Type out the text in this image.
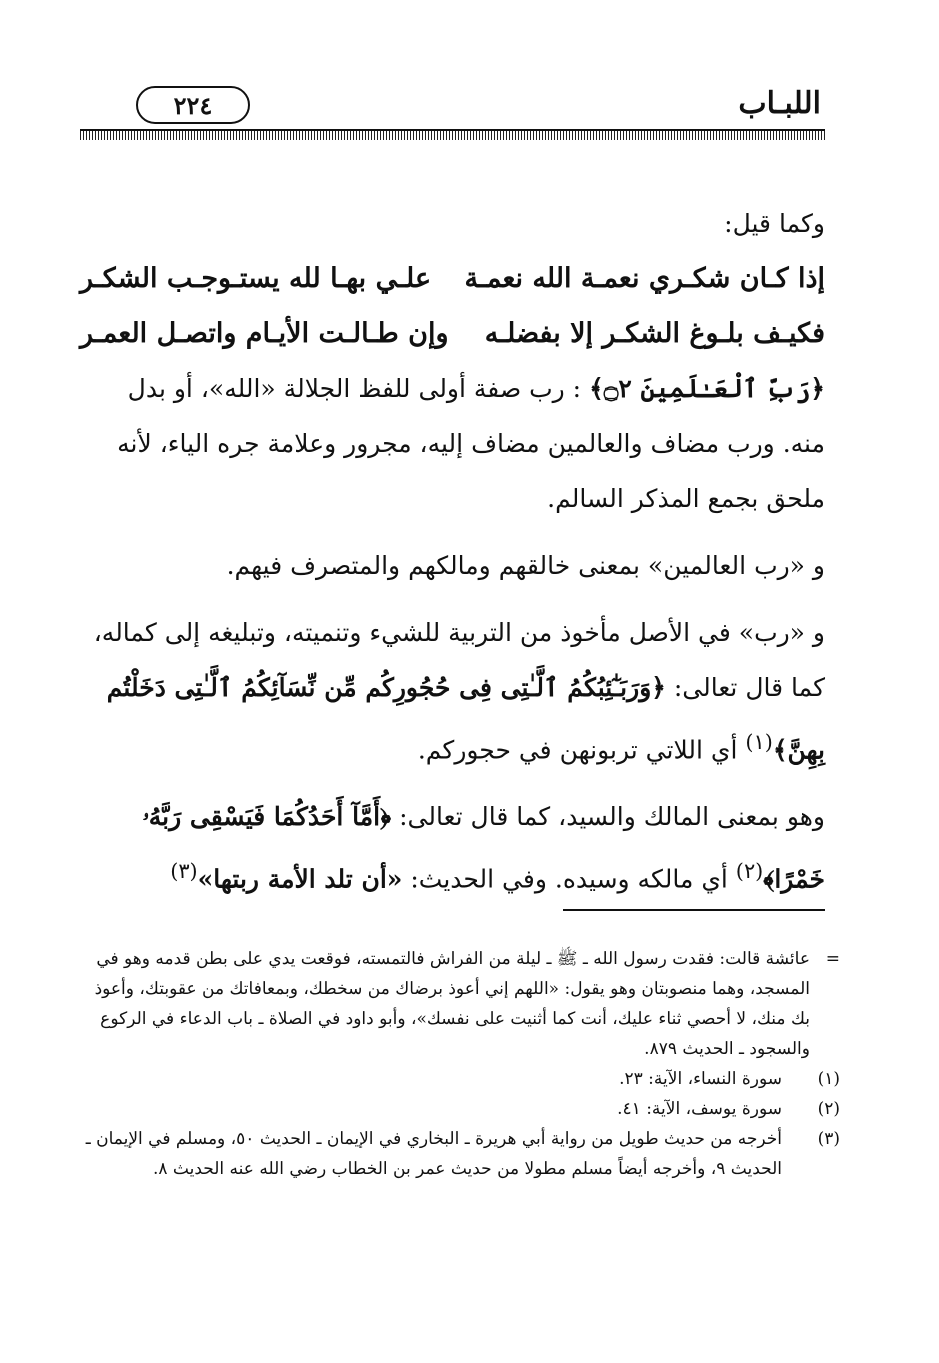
اللبـاب
٢٢٤

وكما قيل:

إذا كـان شكـري نعمـة الله نعمـة
علـي بهـا لله يستـوجـب الشكـر
فكيـف بلـوغ الشكـر إلا بفضلـه
وإن طـالـت الأيـام واتصـل العمـر

﴿رَبِّ ٱلْعَـٰلَمِينَ ۝٢﴾ : رب صفة أولى للفظ الجلالة «الله»، أو بدل منه. ورب مضاف والعالمين مضاف إليه، مجرور وعلامة جره الياء، لأنه ملحق بجمع المذكر السالم.

و «رب العالمين» بمعنى خالقهم ومالكهم والمتصرف فيهم.

و «رب» في الأصل مأخوذ من التربية للشيء وتنميته، وتبليغه إلى كماله، كما قال تعالى: ﴿وَرَبَـٰٓئِبُكُمُ ٱلَّـٰتِى فِى حُجُورِكُم مِّن نِّسَآئِكُمُ ٱلَّـٰتِى دَخَلْتُم بِهِنَّ﴾$^{(١)}$ أي اللاتي تربونهن في حجوركم.

وهو بمعنى المالك والسيد، كما قال تعالى: ﴿أَمَّآ أَحَدُكُمَا فَيَسْقِى رَبَّهُۥ خَمْرًا﴾$^{(٢)}$ أي مالكه وسيده. وفي الحديث: «أن تلد الأمة ربتها»$^{(٣)}$

=
عائشة قالت: فقدت رسول الله ـ ﷺ ـ ليلة من الفراش فالتمسته، فوقعت يدي على بطن قدمه وهو في المسجد، وهما منصوبتان وهو يقول: «اللهم إني أعوذ برضاك من سخطك، وبمعافاتك من عقوبتك، وأعوذ بك منك، لا أحصي ثناء عليك، أنت كما أثنيت على نفسك»، وأبو داود في الصلاة ـ باب الدعاء في الركوع والسجود ـ الحديث ٨٧٩.
(١)
سورة النساء، الآية: ٢٣.
(٢)
سورة يوسف، الآية: ٤١.
(٣)
أخرجه من حديث طويل من رواية أبي هريرة ـ البخاري في الإيمان ـ الحديث ٥٠، ومسلم في الإيمان ـ الحديث ٩، وأخرجه أيضاً مسلم مطولا من حديث عمر بن الخطاب رضي الله عنه الحديث ٨.
